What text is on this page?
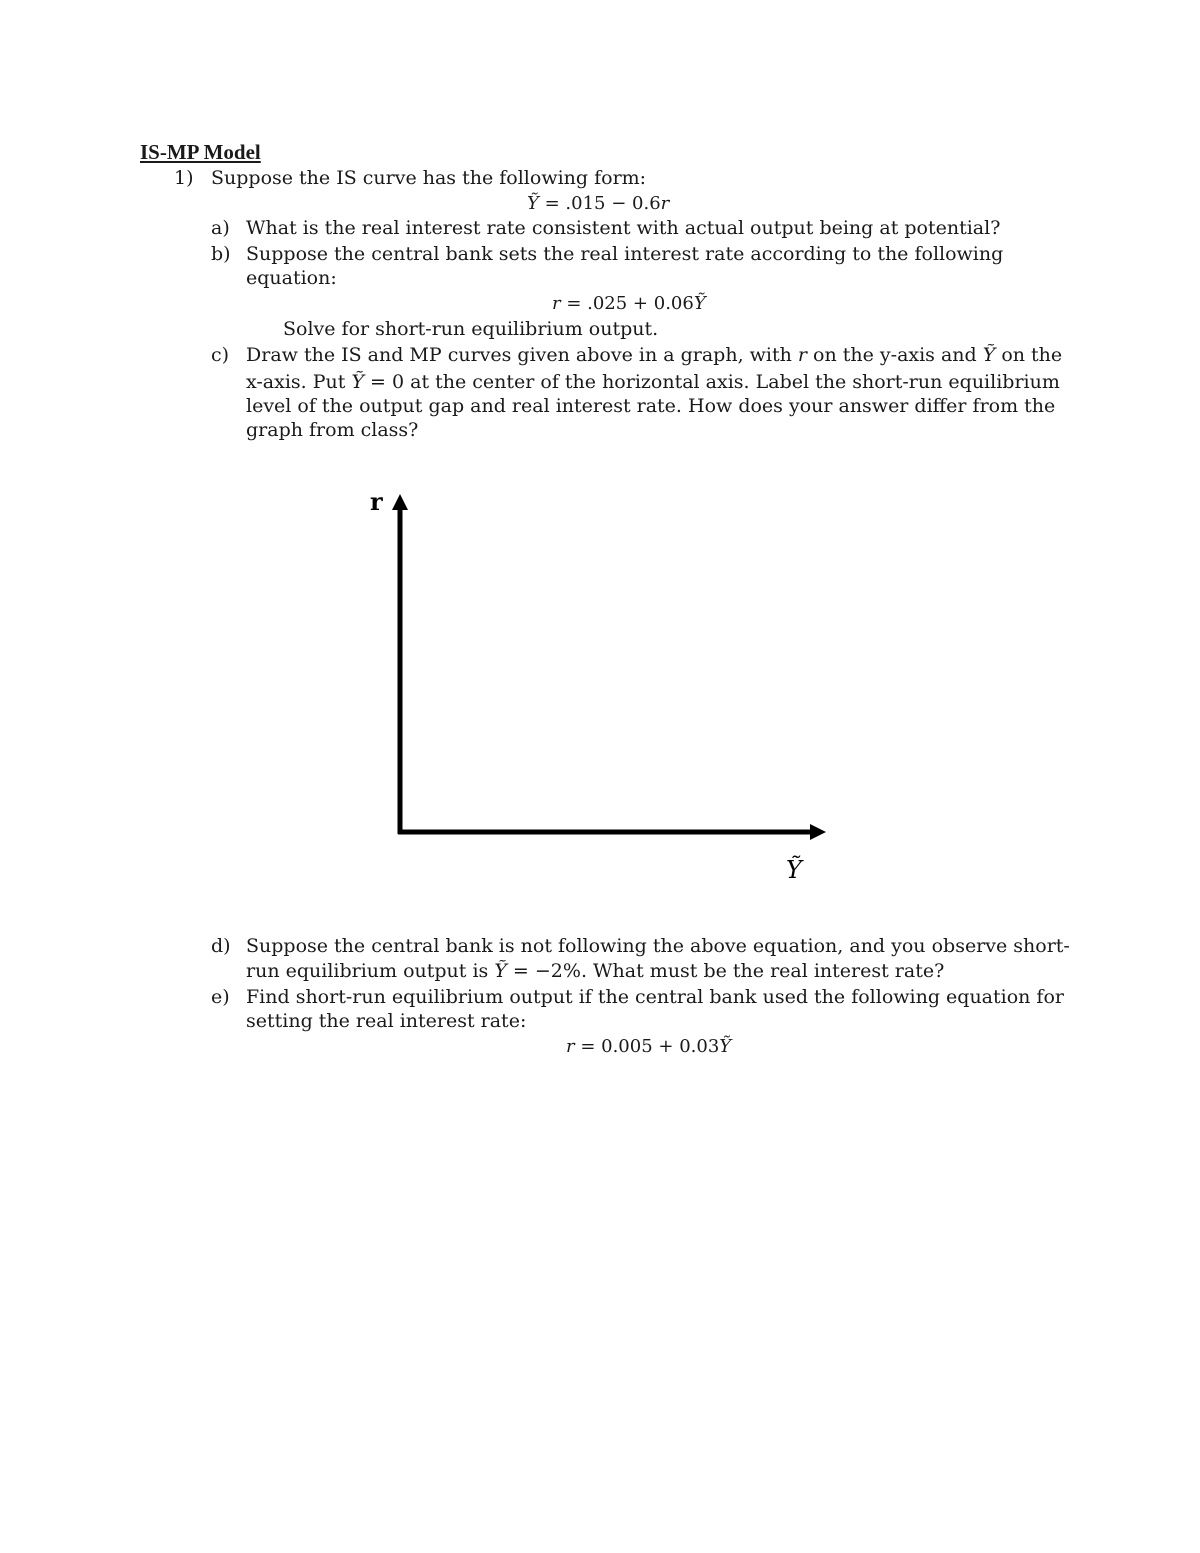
IS-MP Model
1) Suppose the IS curve has the following form:
Ỹ = .015 − 0.6r
a) What is the real interest rate consistent with actual output being at potential?
b) Suppose the central bank sets the real interest rate according to the following
equation:
r = .025 + 0.06Ỹ
Solve for short-run equilibrium output.
c) Draw the IS and MP curves given above in a graph, with r on the y-axis and Ỹ on the
x-axis. Put Ỹ = 0 at the center of the horizontal axis. Label the short-run equilibrium
level of the output gap and real interest rate. How does your answer differ from the
graph from class?
r
Ỹ
d) Suppose the central bank is not following the above equation, and you observe short-
run equilibrium output is Ỹ = −2%. What must be the real interest rate?
e) Find short-run equilibrium output if the central bank used the following equation for
setting the real interest rate:
r = 0.005 + 0.03Ỹ
